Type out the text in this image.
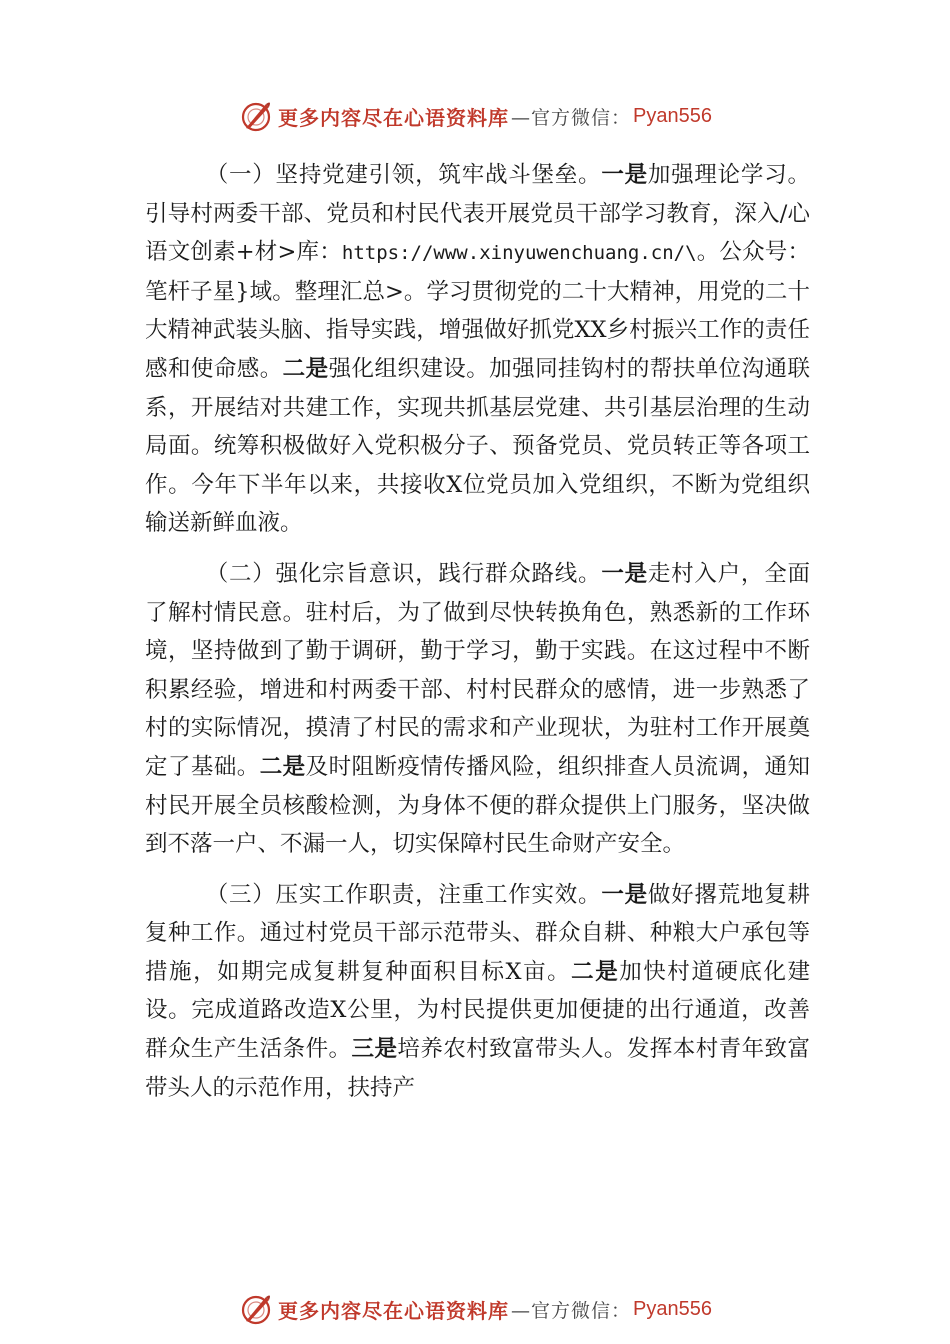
更多内容尽在心语资料库 —官方微信： Pyan556

（一）坚持党建引领，筑牢战斗堡垒。一是加强理论学习。引导村两委干部、党员和村民代表开展党员干部学习教育，深入/心语文创素+材>库：https://www.xinyuwenchuang.cn/\。公众号：笔杆子星}域。整理汇总>。学习贯彻党的二十大精神，用党的二十大精神武装头脑、指导实践，增强做好抓党XX乡村振兴工作的责任感和使命感。二是强化组织建设。加强同挂钩村的帮扶单位沟通联系，开展结对共建工作，实现共抓基层党建、共引基层治理的生动局面。统筹积极做好入党积极分子、预备党员、党员转正等各项工作。今年下半年以来，共接收X位党员加入党组织，不断为党组织输送新鲜血液。

（二）强化宗旨意识，践行群众路线。一是走村入户，全面了解村情民意。驻村后，为了做到尽快转换角色，熟悉新的工作环境，坚持做到了勤于调研，勤于学习，勤于实践。在这过程中不断积累经验，增进和村两委干部、村村民群众的感情，进一步熟悉了村的实际情况，摸清了村民的需求和产业现状，为驻村工作开展奠定了基础。二是及时阻断疫情传播风险，组织排查人员流调，通知村民开展全员核酸检测，为身体不便的群众提供上门服务，坚决做到不落一户、不漏一人，切实保障村民生命财产安全。

（三）压实工作职责，注重工作实效。一是做好撂荒地复耕复种工作。通过村党员干部示范带头、群众自耕、种粮大户承包等措施，如期完成复耕复种面积目标X亩。二是加快村道硬底化建设。完成道路改造X公里，为村民提供更加便捷的出行通道，改善群众生产生活条件。三是培养农村致富带头人。发挥本村青年致富带头人的示范作用，扶持产

更多内容尽在心语资料库 —官方微信： Pyan556
